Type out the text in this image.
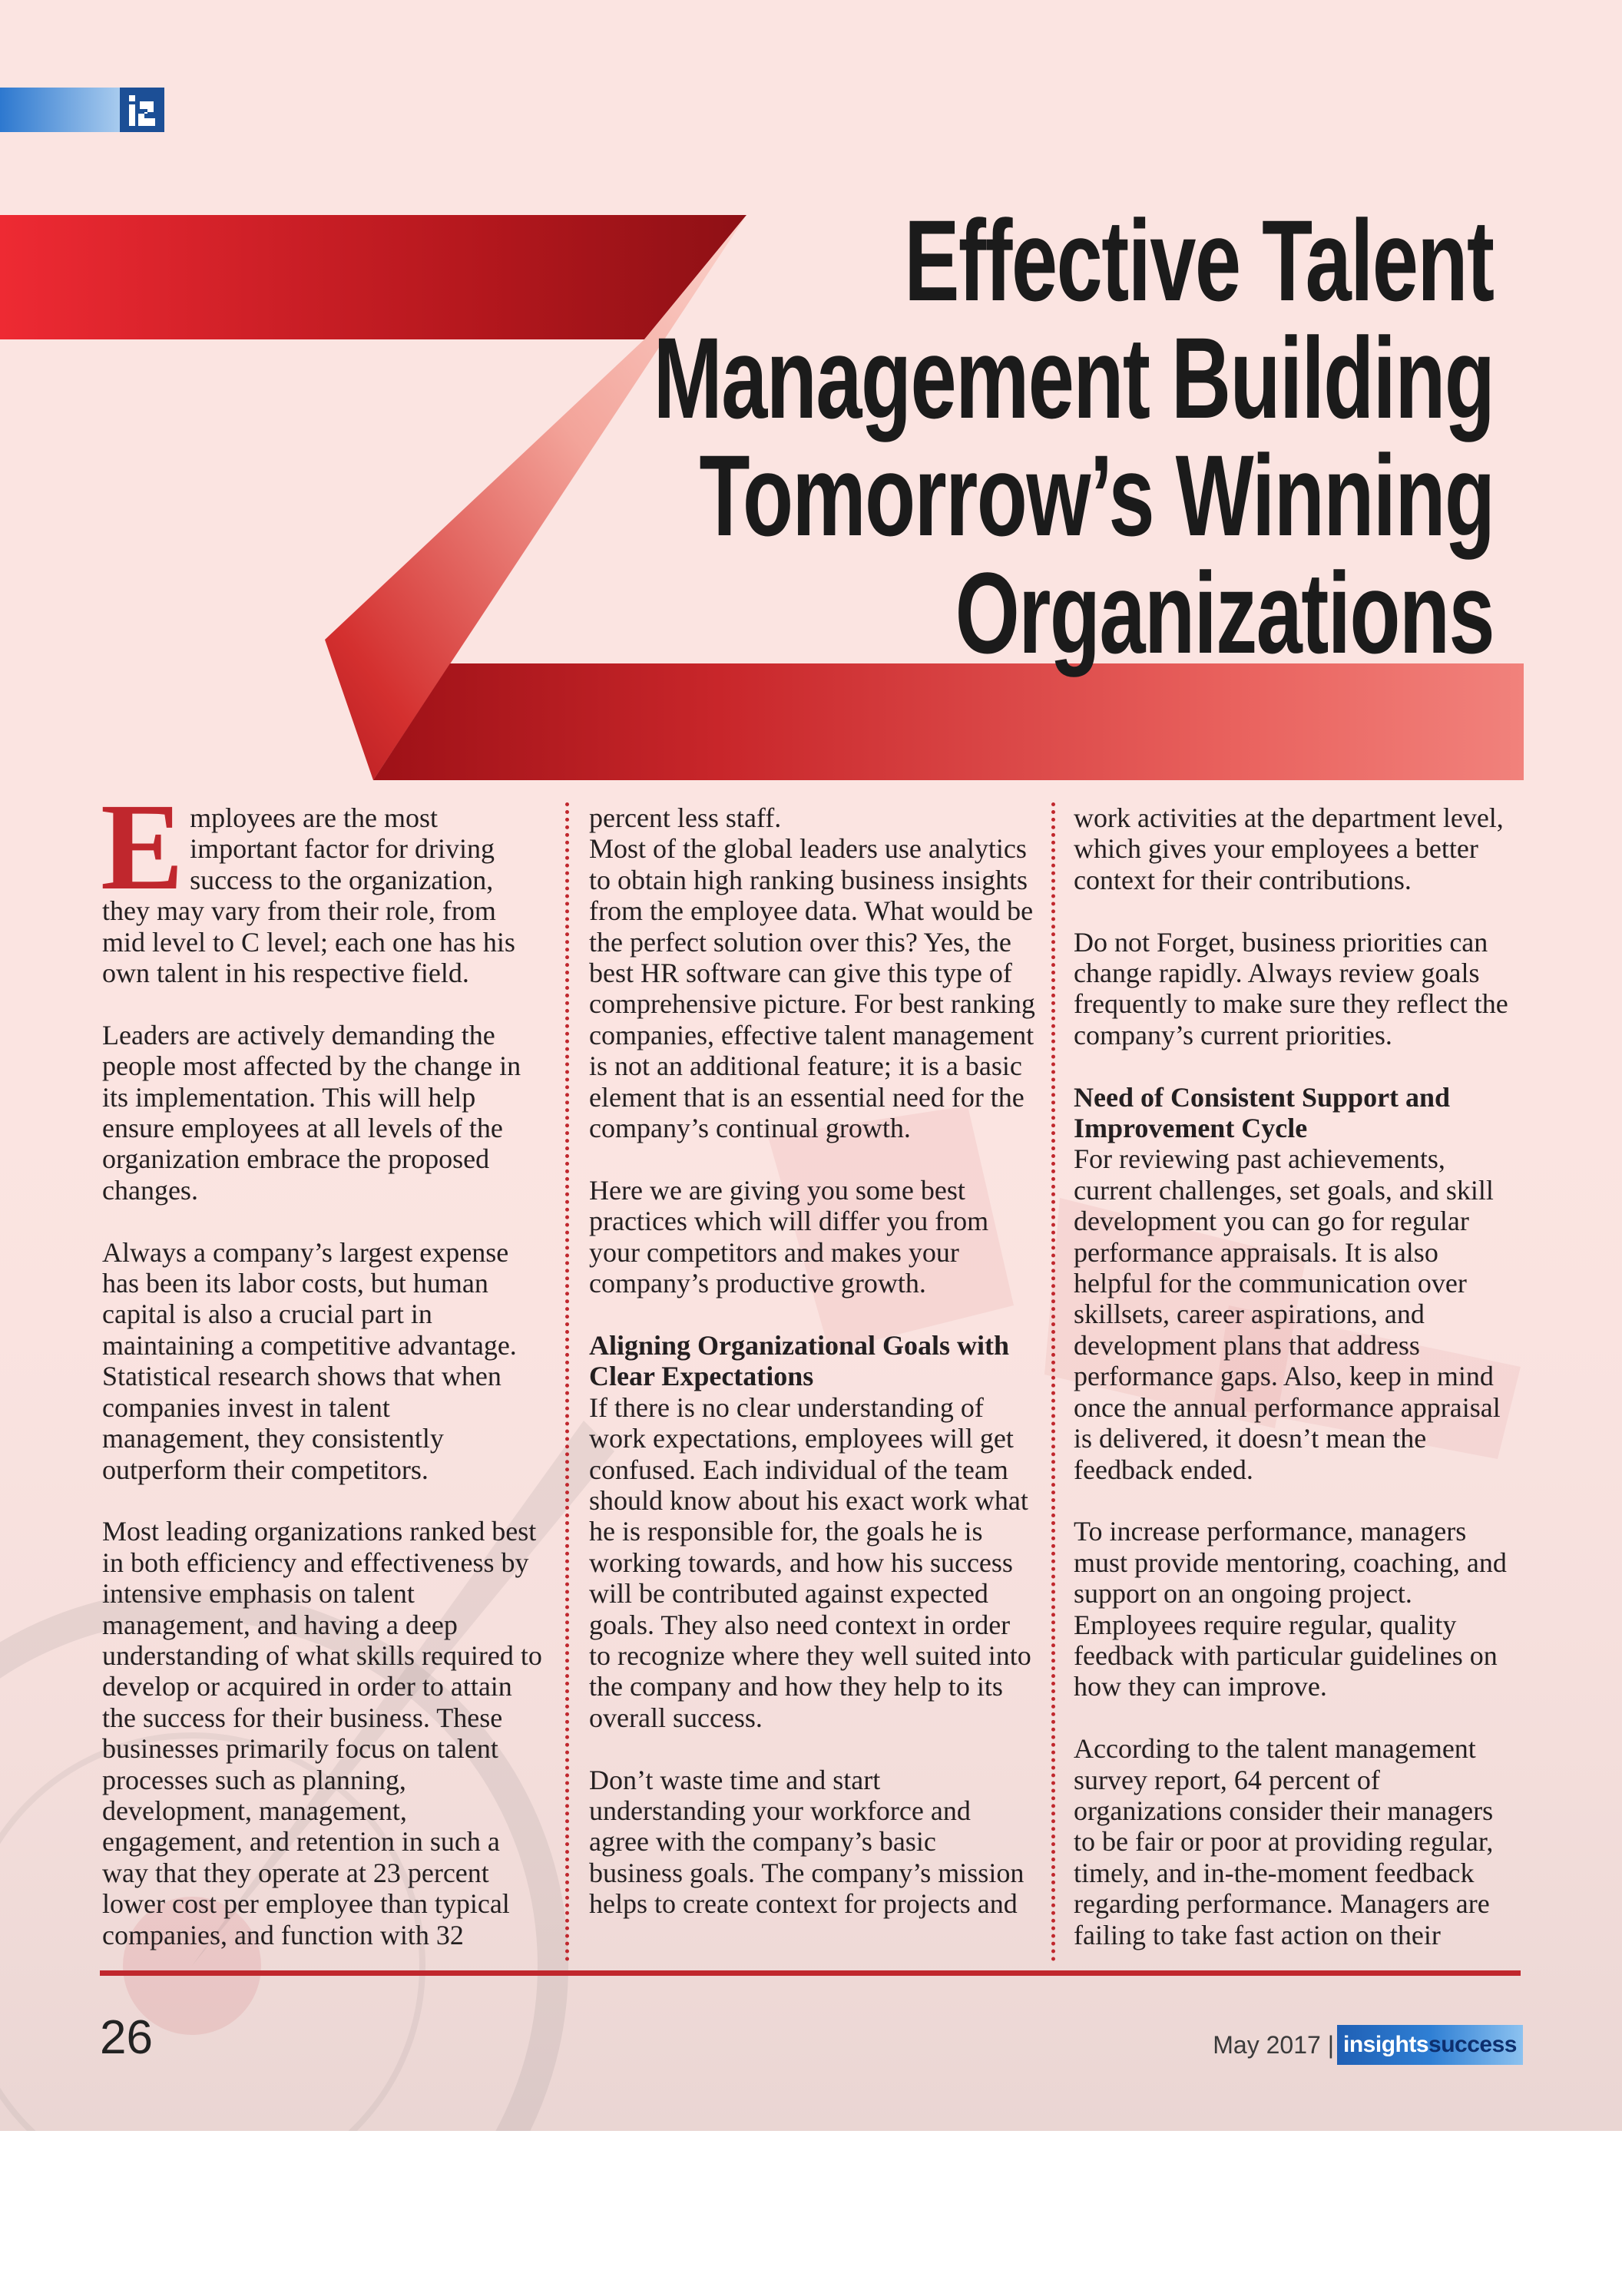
Effective Talent
Management Building
Tomorrow’s Winning
Organizations

Employees are the most important factor for driving success to the organization, they may vary from their role, from mid level to C level; each one has his own talent in his respective field.

Leaders are actively demanding the people most affected by the change in its implementation. This will help ensure employees at all levels of the organization embrace the proposed changes.

Always a company’s largest expense has been its labor costs, but human capital is also a crucial part in maintaining a competitive advantage. Statistical research shows that when companies invest in talent management, they consistently outperform their competitors.

Most leading organizations ranked best in both efficiency and effectiveness by intensive emphasis on talent management, and having a deep understanding of what skills required to develop or acquired in order to attain the success for their business. These businesses primarily focus on talent processes such as planning, development, management, engagement, and retention in such a way that they operate at 23 percent lower cost per employee than typical companies, and function with 32

percent less staff.

Most of the global leaders use analytics to obtain high ranking business insights from the employee data. What would be the perfect solution over this? Yes, the best HR software can give this type of comprehensive picture. For best ranking companies, effective talent management is not an additional feature; it is a basic element that is an essential need for the company’s continual growth.

Here we are giving you some best practices which will differ you from your competitors and makes your company’s productive growth.

Aligning Organizational Goals with Clear Expectations

If there is no clear understanding of work expectations, employees will get confused. Each individual of the team should know about his exact work what he is responsible for, the goals he is working towards, and how his success will be contributed against expected goals. They also need context in order to recognize where they well suited into the company and how they help to its overall success.

Don’t waste time and start understanding your workforce and agree with the company’s basic business goals. The company’s mission helps to create context for projects and

work activities at the department level, which gives your employees a better context for their contributions.

Do not Forget, business priorities can change rapidly. Always review goals frequently to make sure they reflect the company’s current priorities.

Need of Consistent Support and Improvement Cycle

For reviewing past achievements, current challenges, set goals, and skill development you can go for regular performance appraisals. It is also helpful for the communication over skillsets, career aspirations, and development plans that address performance gaps. Also, keep in mind once the annual performance appraisal is delivered, it doesn’t mean the feedback ended.

To increase performance, managers must provide mentoring, coaching, and support on an ongoing project. Employees require regular, quality feedback with particular guidelines on how they can improve.

According to the talent management survey report, 64 percent of organizations consider their managers to be fair or poor at providing regular, timely, and in-the-moment feedback regarding performance. Managers are failing to take fast action on their

26	May 2017 | insights success
